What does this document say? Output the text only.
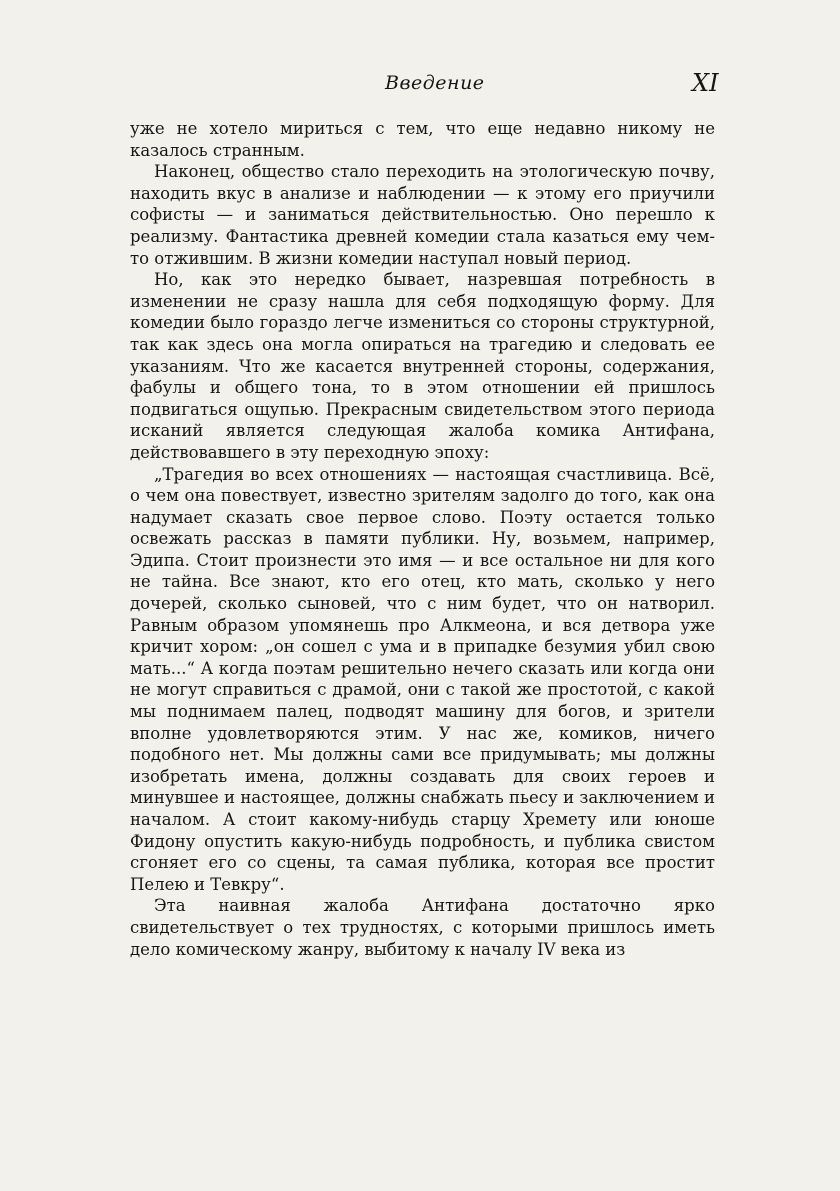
Введение	XI

уже не хотело мириться с тем, что еще недавно никому не казалось странным.

Наконец, общество стало переходить на этологическую почву, находить вкус в анализе и наблюдении — к этому его приучили софисты — и заниматься действительностью. Оно перешло к реализму. Фантастика древней комедии стала казаться ему чем-то отжившим. В жизни комедии наступал новый период.

Но, как это нередко бывает, назревшая потребность в изменении не сразу нашла для себя подходящую форму. Для комедии было гораздо легче измениться со стороны структурной, так как здесь она могла опираться на трагедию и следовать ее указаниям. Что же касается внутренней стороны, содержания, фабулы и общего тона, то в этом отношении ей пришлось подвигаться ощупью. Прекрасным свидетельством этого периода исканий является следующая жалоба комика Антифана, действовавшего в эту переходную эпоху:

„Трагедия во всех отношениях — настоящая счастливица. Всё, о чем она повествует, известно зрителям задолго до того, как она надумает сказать свое первое слово. Поэту остается только освежать рассказ в памяти публики. Ну, возьмем, например, Эдипа. Стоит произнести это имя — и все остальное ни для кого не тайна. Все знают, кто его отец, кто мать, сколько у него дочерей, сколько сыновей, что с ним будет, что он натворил. Равным образом упомянешь про Алкмеона, и вся детвора уже кричит хором: „он сошел с ума и в припадке безумия убил свою мать...“ А когда поэтам решительно нечего сказать или когда они не могут справиться с драмой, они с такой же простотой, с какой мы поднимаем палец, подводят машину для богов, и зрители вполне удовлетворяются этим. У нас же, комиков, ничего подобного нет. Мы должны сами все придумывать; мы должны изобретать имена, должны создавать для своих героев и минувшее и настоящее, должны снабжать пьесу и заключением и началом. А стоит какому-нибудь старцу Хремету или юноше Фидону опустить какую-нибудь подробность, и публика свистом сгоняет его со сцены, та самая публика, которая все простит Пелею и Тевкру“.

Эта наивная жалоба Антифана достаточно ярко свидетельствует о тех трудностях, с которыми пришлось иметь дело комическому жанру, выбитому к началу IV века из
